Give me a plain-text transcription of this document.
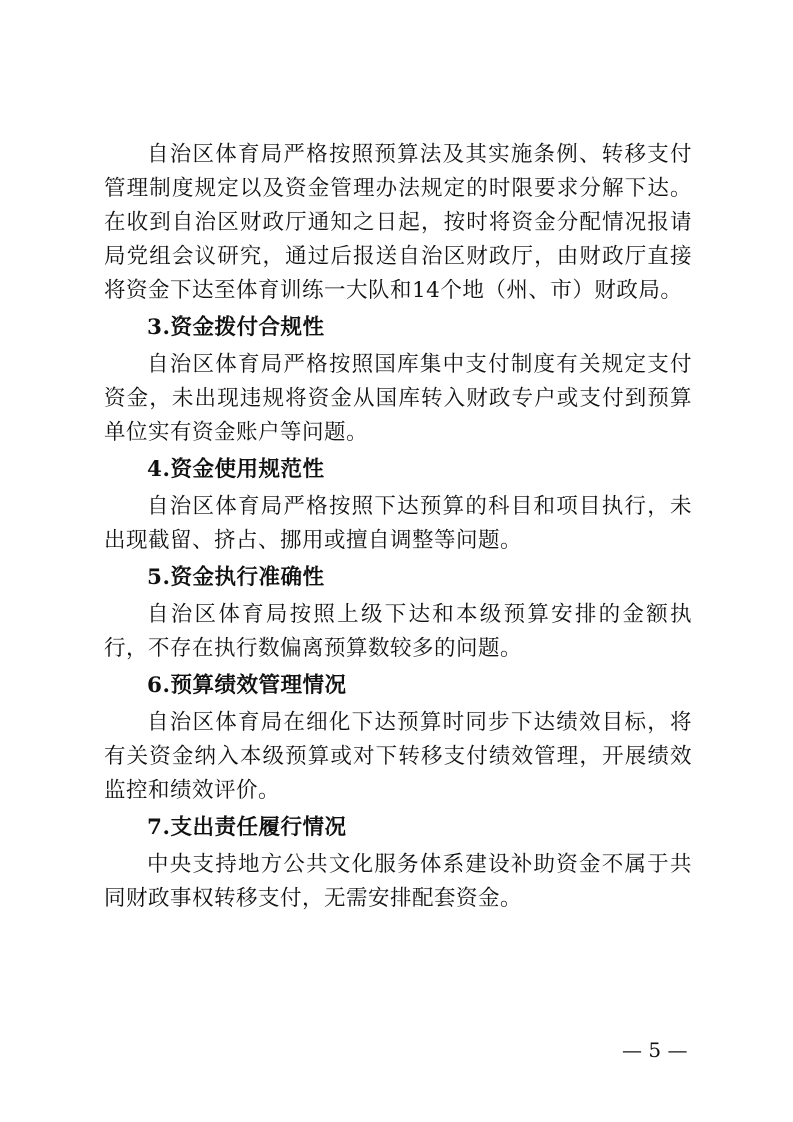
自治区体育局严格按照预算法及其实施条例、转移支付管理制度规定以及资金管理办法规定的时限要求分解下达。在收到自治区财政厅通知之日起，按时将资金分配情况报请局党组会议研究，通过后报送自治区财政厅，由财政厅直接将资金下达至体育训练一大队和14个地（州、市）财政局。

3.资金拨付合规性

自治区体育局严格按照国库集中支付制度有关规定支付资金，未出现违规将资金从国库转入财政专户或支付到预算单位实有资金账户等问题。

4.资金使用规范性

自治区体育局严格按照下达预算的科目和项目执行，未出现截留、挤占、挪用或擅自调整等问题。

5.资金执行准确性

自治区体育局按照上级下达和本级预算安排的金额执行，不存在执行数偏离预算数较多的问题。

6.预算绩效管理情况

自治区体育局在细化下达预算时同步下达绩效目标，将有关资金纳入本级预算或对下转移支付绩效管理，开展绩效监控和绩效评价。

7.支出责任履行情况

中央支持地方公共文化服务体系建设补助资金不属于共同财政事权转移支付，无需安排配套资金。

— 5 —
